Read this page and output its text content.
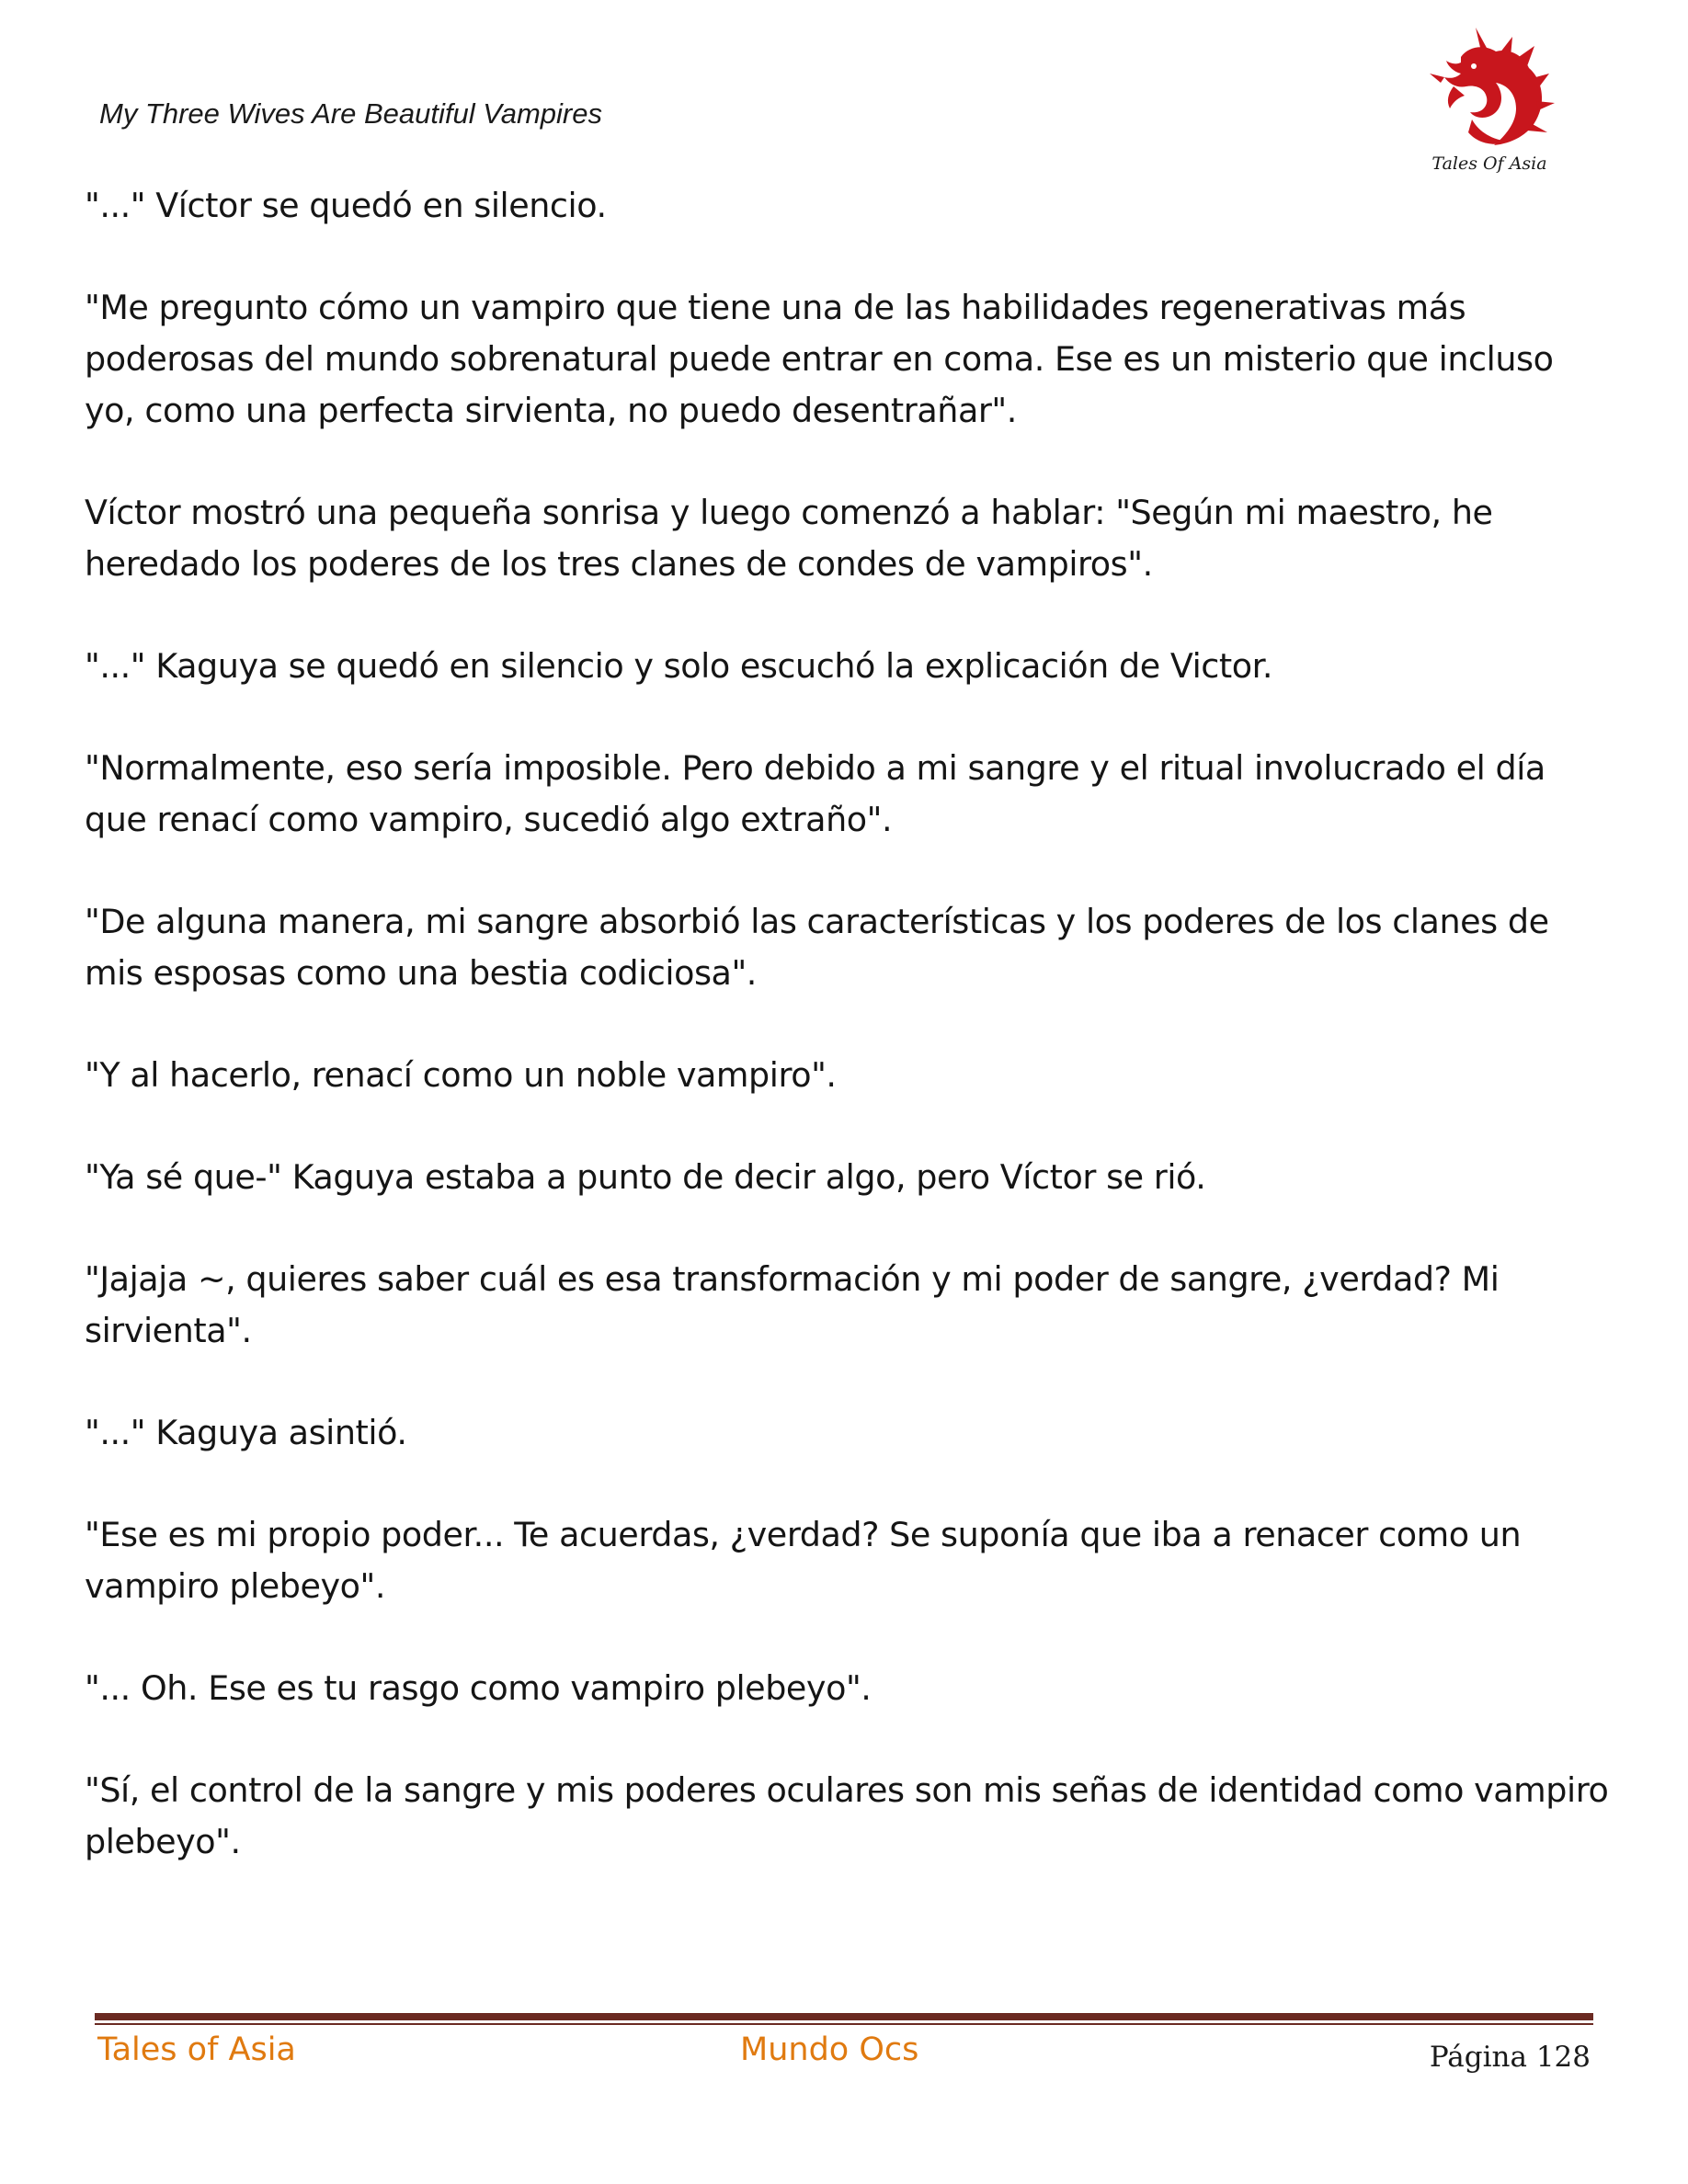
My Three Wives Are Beautiful Vampires
Tales Of Asia

"..." Víctor se quedó en silencio.

"Me pregunto cómo un vampiro que tiene una de las habilidades regenerativas más poderosas del mundo sobrenatural puede entrar en coma. Ese es un misterio que incluso yo, como una perfecta sirvienta, no puedo desentrañar".

Víctor mostró una pequeña sonrisa y luego comenzó a hablar: "Según mi maestro, he heredado los poderes de los tres clanes de condes de vampiros".

"..." Kaguya se quedó en silencio y solo escuchó la explicación de Victor.

"Normalmente, eso sería imposible. Pero debido a mi sangre y el ritual involucrado el día que renací como vampiro, sucedió algo extraño".

"De alguna manera, mi sangre absorbió las características y los poderes de los clanes de mis esposas como una bestia codiciosa".

"Y al hacerlo, renací como un noble vampiro".

"Ya sé que-" Kaguya estaba a punto de decir algo, pero Víctor se rió.

"Jajaja ~, quieres saber cuál es esa transformación y mi poder de sangre, ¿verdad? Mi sirvienta".

"..." Kaguya asintió.

"Ese es mi propio poder... Te acuerdas, ¿verdad? Se suponía que iba a renacer como un vampiro plebeyo".

"... Oh. Ese es tu rasgo como vampiro plebeyo".

"Sí, el control de la sangre y mis poderes oculares son mis señas de identidad como vampiro plebeyo".

Tales of Asia	Mundo Ocs	Página 128
